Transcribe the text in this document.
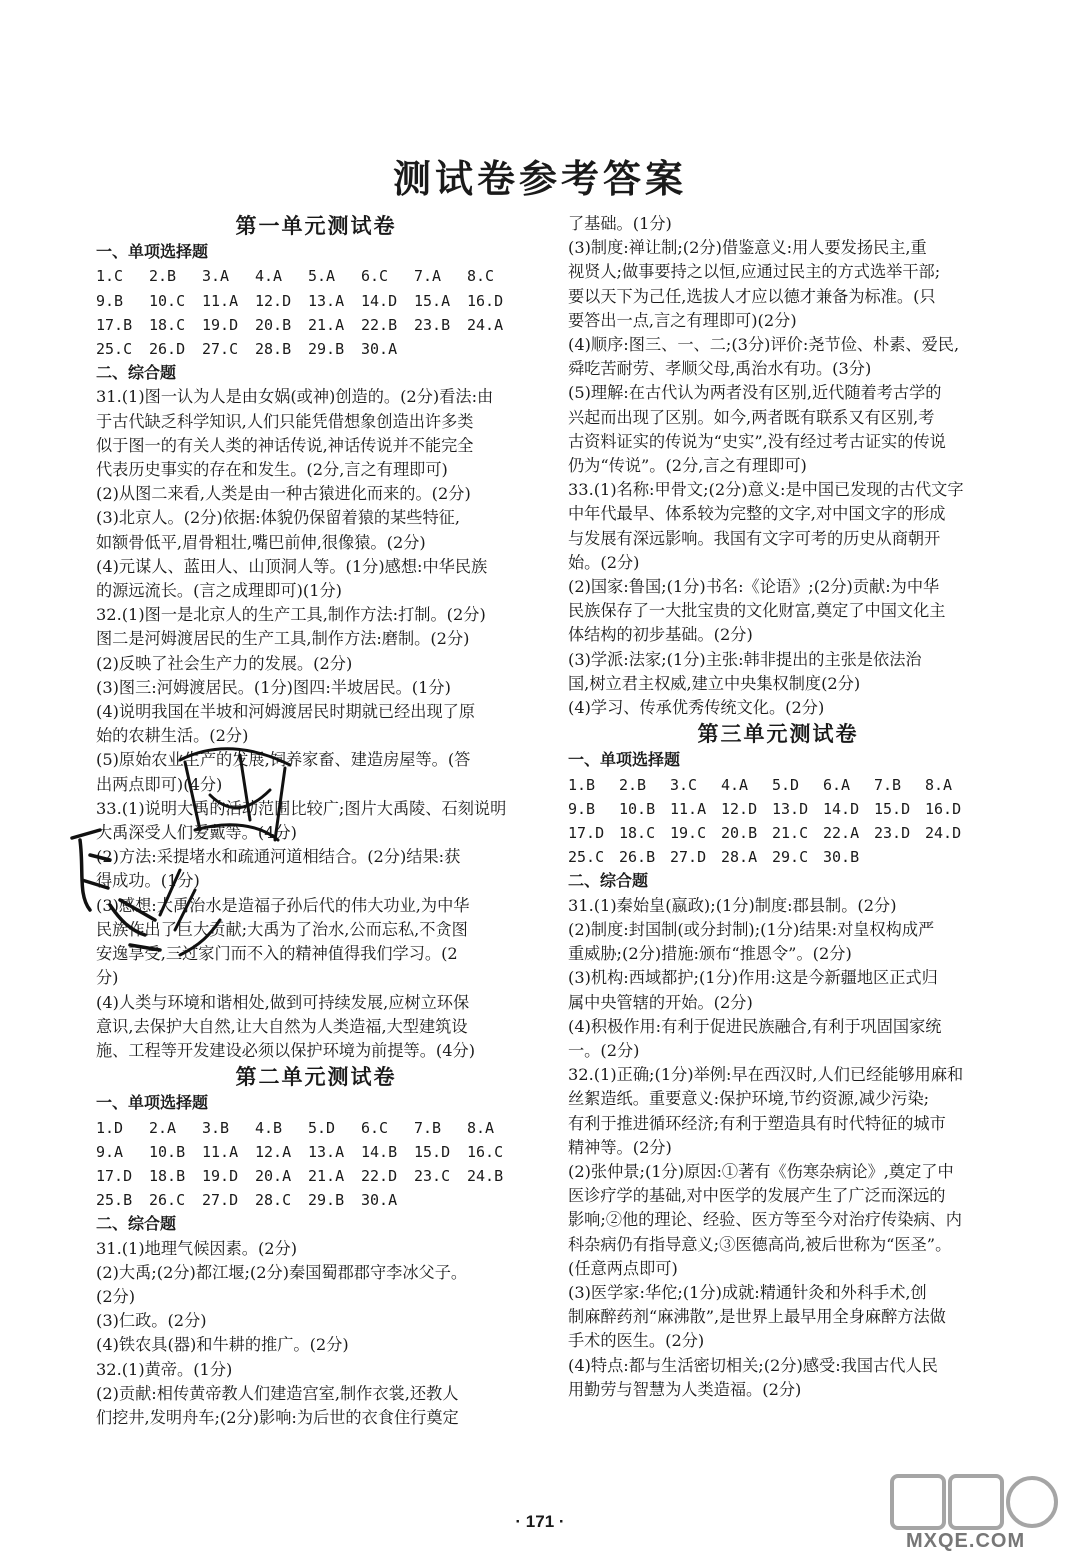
测试卷参考答案

第一单元测试卷

一、单项选择题

1.C	2.B	3.A	4.A	5.A	6.C	7.A	8.C
9.B	10.C	11.A	12.D	13.A	14.D	15.A	16.D
17.B	18.C	19.D	20.B	21.A	22.B	23.B	24.A
25.C	26.D	27.C	28.B	29.B	30.A

二、综合题

31.(1)图一认为人是由女娲(或神)创造的。(2分)看法:由

于古代缺乏科学知识,人们只能凭借想象创造出许多类

似于图一的有关人类的神话传说,神话传说并不能完全

代表历史事实的存在和发生。(2分,言之有理即可)

(2)从图二来看,人类是由一种古猿进化而来的。(2分)

(3)北京人。(2分)依据:体貌仍保留着猿的某些特征,

如额骨低平,眉骨粗壮,嘴巴前伸,很像猿。(2分)

(4)元谋人、蓝田人、山顶洞人等。(1分)感想:中华民族

的源远流长。(言之成理即可)(1分)

32.(1)图一是北京人的生产工具,制作方法:打制。(2分)

图二是河姆渡居民的生产工具,制作方法:磨制。(2分)

(2)反映了社会生产力的发展。(2分)

(3)图三:河姆渡居民。(1分)图四:半坡居民。(1分)

(4)说明我国在半坡和河姆渡居民时期就已经出现了原

始的农耕生活。(2分)

(5)原始农业生产的发展,饲养家畜、建造房屋等。(答

出两点即可)(4分)

33.(1)说明大禹的活动范围比较广;图片大禹陵、石刻说明

大禹深受人们爱戴等。(4分)

(2)方法:采提堵水和疏通河道相结合。(2分)结果:获

得成功。(1分)

(3)感想:大禹治水是造福子孙后代的伟大功业,为中华

民族作出了巨大贡献;大禹为了治水,公而忘私,不贪图

安逸享受,三过家门而不入的精神值得我们学习。(2

分)

(4)人类与环境和谐相处,做到可持续发展,应树立环保

意识,去保护大自然,让大自然为人类造福,大型建筑设

施、工程等开发建设必须以保护环境为前提等。(4分)

第二单元测试卷

一、单项选择题

1.D	2.A	3.B	4.B	5.D	6.C	7.B	8.A
9.A	10.B	11.A	12.A	13.A	14.B	15.D	16.C
17.D	18.B	19.D	20.A	21.A	22.D	23.C	24.B
25.B	26.C	27.D	28.C	29.B	30.A

二、综合题

31.(1)地理气候因素。(2分)

(2)大禹;(2分)都江堰;(2分)秦国蜀郡郡守李冰父子。

(2分)

(3)仁政。(2分)

(4)铁农具(器)和牛耕的推广。(2分)

32.(1)黄帝。(1分)

(2)贡献:相传黄帝教人们建造宫室,制作衣裳,还教人

们挖井,发明舟车;(2分)影响:为后世的衣食住行奠定

了基础。(1分)

(3)制度:禅让制;(2分)借鉴意义:用人要发扬民主,重

视贤人;做事要持之以恒,应通过民主的方式选举干部;

要以天下为己任,选拔人才应以德才兼备为标准。(只

要答出一点,言之有理即可)(2分)

(4)顺序:图三、一、二;(3分)评价:尧节俭、朴素、爱民,

舜吃苦耐劳、孝顺父母,禹治水有功。(3分)

(5)理解:在古代认为两者没有区别,近代随着考古学的

兴起而出现了区别。如今,两者既有联系又有区别,考

古资料证实的传说为“史实”,没有经过考古证实的传说

仍为“传说”。(2分,言之有理即可)

33.(1)名称:甲骨文;(2分)意义:是中国已发现的古代文字

中年代最早、体系较为完整的文字,对中国文字的形成

与发展有深远影响。我国有文字可考的历史从商朝开

始。(2分)

(2)国家:鲁国;(1分)书名:《论语》;(2分)贡献:为中华

民族保存了一大批宝贵的文化财富,奠定了中国文化主

体结构的初步基础。(2分)

(3)学派:法家;(1分)主张:韩非提出的主张是依法治

国,树立君主权威,建立中央集权制度(2分)

(4)学习、传承优秀传统文化。(2分)

第三单元测试卷

一、单项选择题

1.B	2.B	3.C	4.A	5.D	6.A	7.B	8.A
9.B	10.B 11.A 12.D 13.D 14.D 15.D 16.D
17.D 18.C 19.C 20.B 21.C 22.A 23.D 24.D
25.C 26.B 27.D 28.A 29.C 30.B

二、综合题

31.(1)秦始皇(嬴政);(1分)制度:郡县制。(2分)

(2)制度:封国制(或分封制);(1分)结果:对皇权构成严

重威胁;(2分)措施:颁布“推恩令”。(2分)

(3)机构:西域都护;(1分)作用:这是今新疆地区正式归

属中央管辖的开始。(2分)

(4)积极作用:有利于促进民族融合,有利于巩固国家统

一。(2分)

32.(1)正确;(1分)举例:早在西汉时,人们已经能够用麻和

丝絮造纸。重要意义:保护环境,节约资源,减少污染;

有利于推进循环经济;有利于塑造具有时代特征的城市

精神等。(2分)

(2)张仲景;(1分)原因:①著有《伤寒杂病论》,奠定了中

医诊疗学的基础,对中医学的发展产生了广泛而深远的

影响;②他的理论、经验、医方等至今对治疗传染病、内

科杂病仍有指导意义;③医德高尚,被后世称为“医圣”。

(任意两点即可)

(3)医学家:华佗;(1分)成就:精通针灸和外科手术,创

制麻醉药剂“麻沸散”,是世界上最早用全身麻醉方法做

手术的医生。(2分)

(4)特点:都与生活密切相关;(2分)感受:我国古代人民

用勤劳与智慧为人类造福。(2分)

· 171 ·
MXQE.COM
